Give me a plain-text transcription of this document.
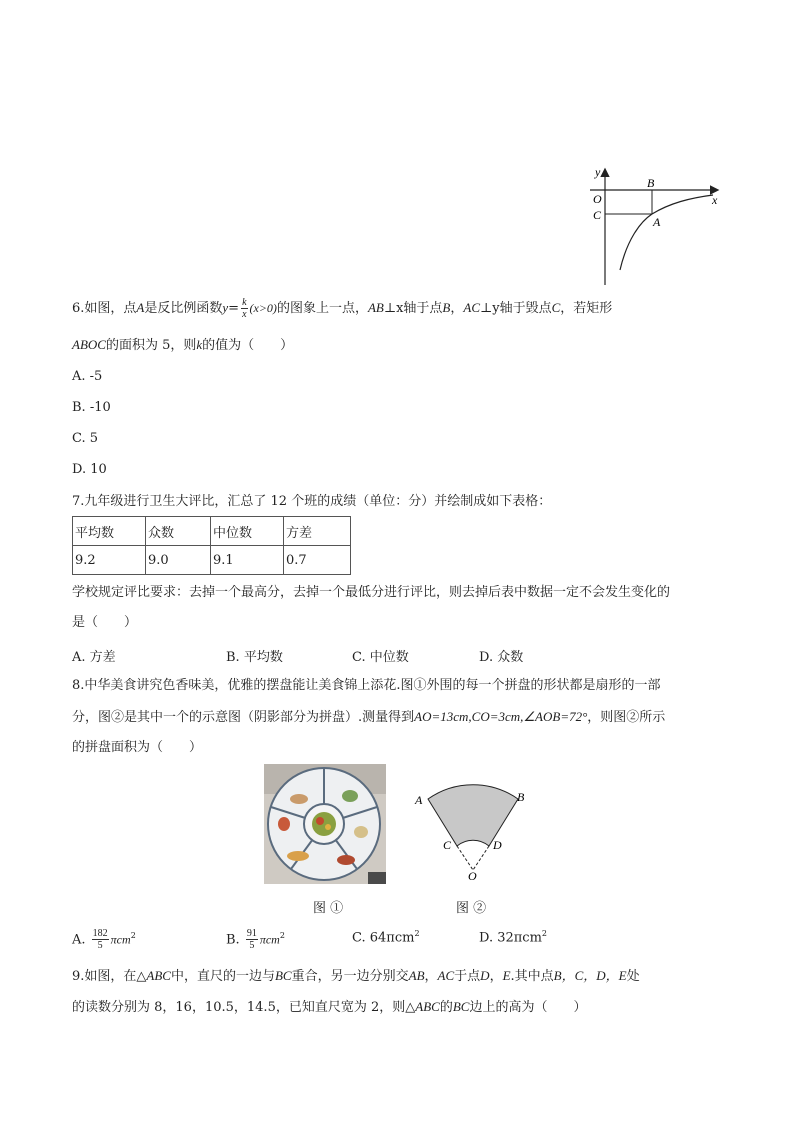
y
x
O
B
C	A
6.如图，点A是反比例函数$y= \frac{k}{x} (x>0)$的图象上一点，AB⊥x轴于点B，AC⊥y轴于毁点C，若矩形
ABOC的面积为 5，则k的值为（　　）
A. -5
B. -10
C. 5
D. 10
7.九年级进行卫生大评比，汇总了 12 个班的成绩（单位：分）并绘制成如下表格：
平均数	众数	中位数	方差
9.2	9.0	9.1	0.7
学校规定评比要求：去掉一个最高分，去掉一个最低分进行评比，则去掉后表中数据一定不会发生变化的
是（　　）
A. 方差	B. 平均数	C. 中位数	D. 众数
8.中华美食讲究色香味美，优雅的摆盘能让美食锦上添花.图①外围的每一个拼盘的形状都是扇形的一部
分，图②是其中一个的示意图（阴影部分为拼盘）.测量得到AO=13cm,CO=3cm,∠AOB=72°，则图②所示
的拼盘面积为（　　）
图 ①
A	B
C	D
O
图 ②
A. $\frac{182}{5} \pi cm^2$	B. $\frac{91}{5} \pi cm^2$	C. 64πcm$^2$	D. 32πcm$^2$
9.如图，在△ABC中，直尺的一边与BC重合，另一边分别交AB，AC于点D，E.其中点B，C，D，E处
的读数分别为 8，16，10.5，14.5，已知直尺宽为 2，则△ABC的BC边上的高为（　　）
